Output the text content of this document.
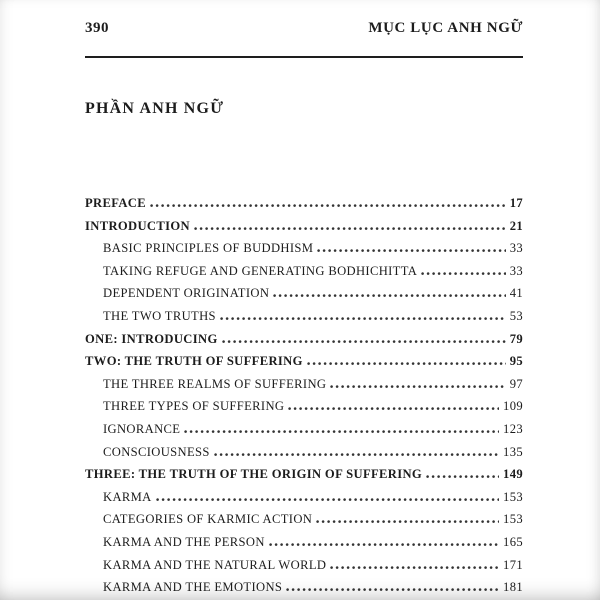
390	MỤC LỤC ANH NGỮ
PHẦN ANH NGỮ
PREFACE	17
INTRODUCTION	21
BASIC PRINCIPLES OF BUDDHISM	33
TAKING REFUGE AND GENERATING BODHICHITTA	33
DEPENDENT ORIGINATION	41
THE TWO TRUTHS	53
ONE: INTRODUCING	79
TWO: THE TRUTH OF SUFFERING	95
THE THREE REALMS OF SUFFERING	97
THREE TYPES OF SUFFERING	109
IGNORANCE	123
CONSCIOUSNESS	135
THREE: THE TRUTH OF THE ORIGIN OF SUFFERING	149
KARMA	153
CATEGORIES OF KARMIC ACTION	153
KARMA AND THE PERSON	165
KARMA AND THE NATURAL WORLD	171
KARMA AND THE EMOTIONS	181
